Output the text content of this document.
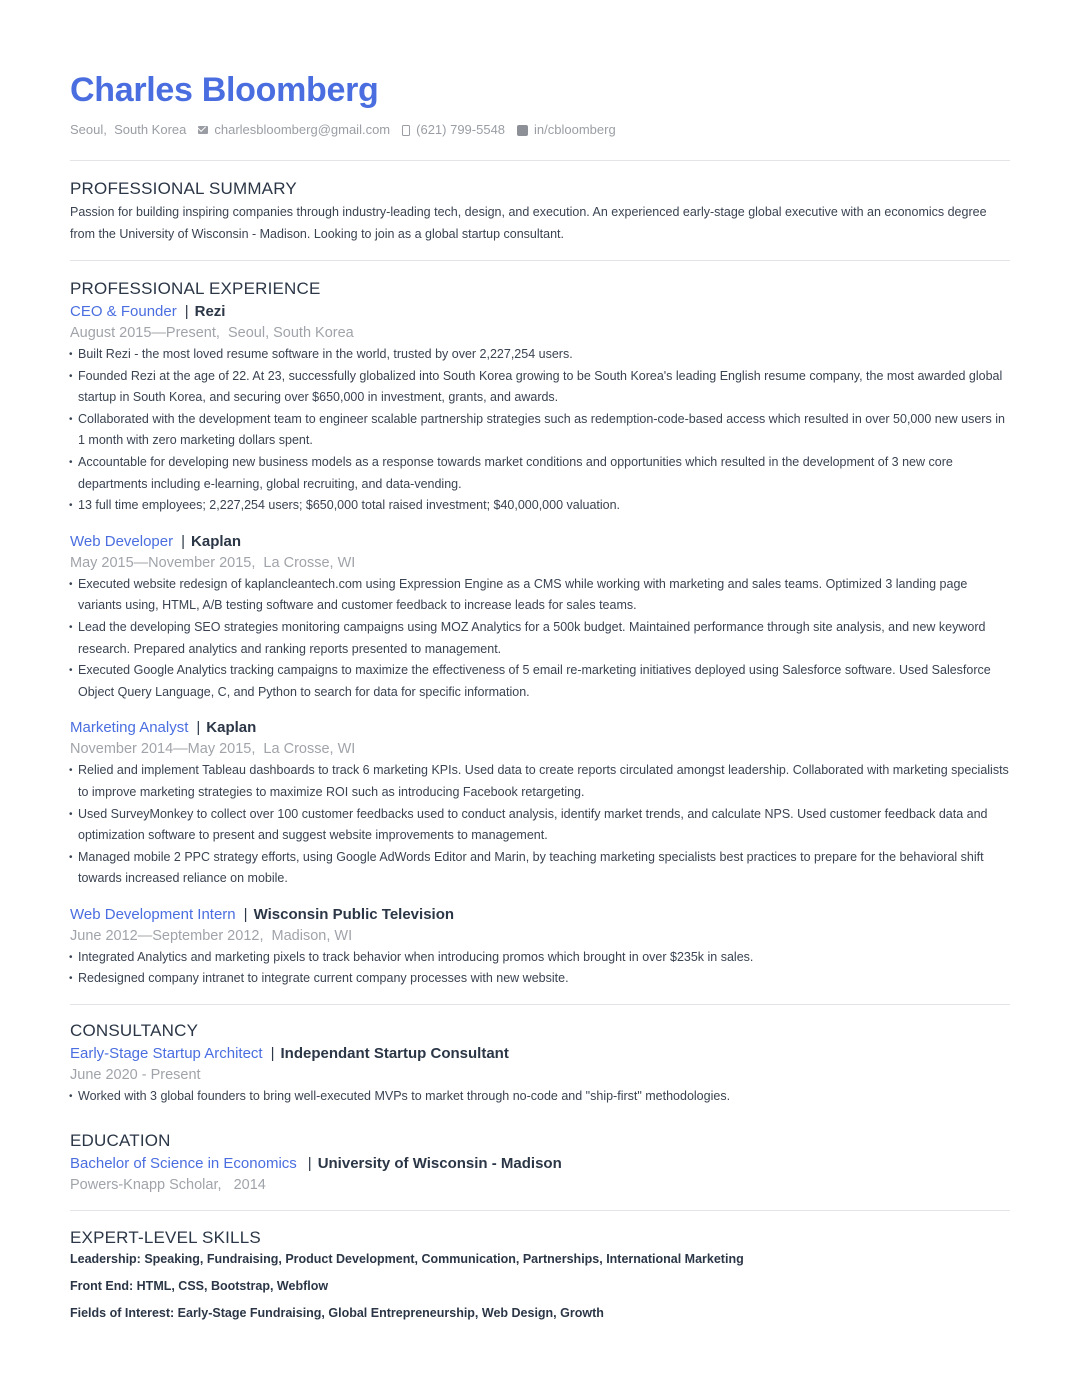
Charles Bloomberg
Seoul,  South Korea charlesbloomberg@gmail.com (621) 799-5548 in in/cbloomberg
PROFESSIONAL SUMMARY

Passion for building inspiring companies through industry-leading tech, design, and execution. An experienced early-stage global executive with an economics degree from the University of Wisconsin - Madison. Looking to join as a global startup consultant.

PROFESSIONAL EXPERIENCE
CEO & Founder | Rezi
August 2015—Present,  Seoul, South Korea
• Built Rezi - the most loved resume software in the world, trusted by over 2,227,254 users.
• Founded Rezi at the age of 22. At 23, successfully globalized into South Korea growing to be South Korea's leading English resume company, the most awarded global startup in South Korea, and securing over $650,000 in investment, grants, and awards.
• Collaborated with the development team to engineer scalable partnership strategies such as redemption-code-based access which resulted in over 50,000 new users in 1 month with zero marketing dollars spent.
• Accountable for developing new business models as a response towards market conditions and opportunities which resulted in the development of 3 new core departments including e-learning, global recruiting, and data-vending.
• 13 full time employees; 2,227,254 users; $650,000 total raised investment; $40,000,000 valuation.
Web Developer | Kaplan
May 2015—November 2015,  La Crosse, WI
• Executed website redesign of kaplancleantech.com using Expression Engine as a CMS while working with marketing and sales teams. Optimized 3 landing page variants using, HTML, A/B testing software and customer feedback to increase leads for sales teams.
• Lead the developing SEO strategies monitoring campaigns using MOZ Analytics for a 500k budget. Maintained performance through site analysis, and new keyword research. Prepared analytics and ranking reports presented to management.
• Executed Google Analytics tracking campaigns to maximize the effectiveness of 5 email re-marketing initiatives deployed using Salesforce software. Used Salesforce Object Query Language, C, and Python to search for data for specific information.
Marketing Analyst | Kaplan
November 2014—May 2015,  La Crosse, WI
• Relied and implement Tableau dashboards to track 6 marketing KPIs. Used data to create reports circulated amongst leadership. Collaborated with marketing specialists to improve marketing strategies to maximize ROI such as introducing Facebook retargeting.
• Used SurveyMonkey to collect over 100 customer feedbacks used to conduct analysis, identify market trends, and calculate NPS. Used customer feedback data and optimization software to present and suggest website improvements to management.
• Managed mobile 2 PPC strategy efforts, using Google AdWords Editor and Marin, by teaching marketing specialists best practices to prepare for the behavioral shift towards increased reliance on mobile.
Web Development Intern | Wisconsin Public Television
June 2012—September 2012,  Madison, WI
• Integrated Analytics and marketing pixels to track behavior when introducing promos which brought in over $235k in sales.
• Redesigned company intranet to integrate current company processes with new website.
CONSULTANCY
Early-Stage Startup Architect | Independant Startup Consultant
June 2020 - Present
• Worked with 3 global founders to bring well-executed MVPs to market through no-code and "ship-first" methodologies.
EDUCATION
Bachelor of Science in Economics | University of Wisconsin - Madison
Powers-Knapp Scholar,   2014
EXPERT-LEVEL SKILLS
Leadership: Speaking, Fundraising, Product Development, Communication, Partnerships, International Marketing
Front End: HTML, CSS, Bootstrap, Webflow
Fields of Interest: Early-Stage Fundraising, Global Entrepreneurship, Web Design, Growth
